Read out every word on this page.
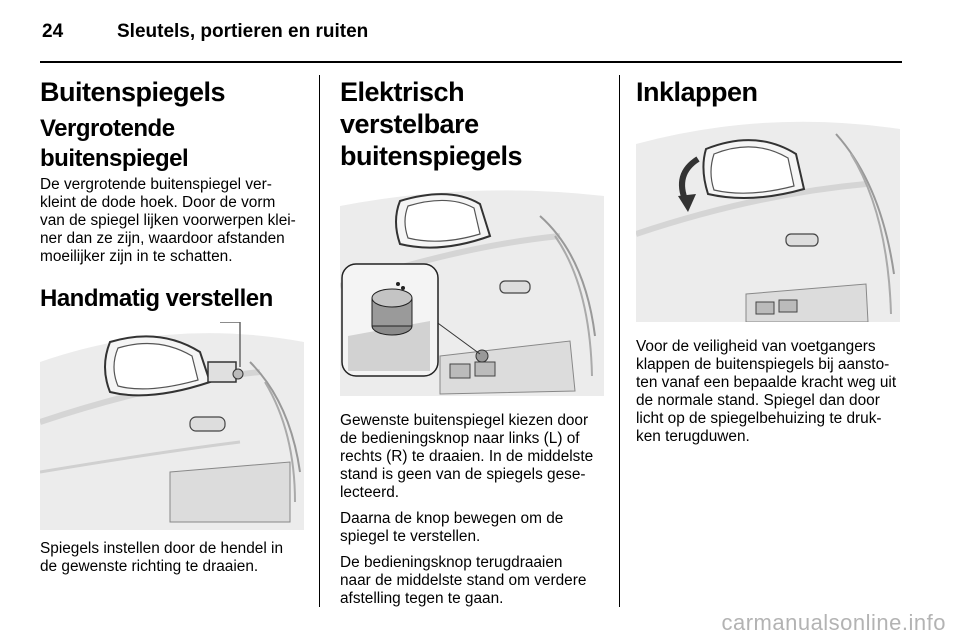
24	Sleutels, portieren en ruiten
Buitenspiegels
Vergrotende buitenspiegel

De vergrotende buitenspiegel ver-

kleint de dode hoek. Door de vorm

van de spiegel lijken voorwerpen klei-

ner dan ze zijn, waardoor afstanden

moeilijker zijn in te schatten.

Handmatig verstellen

Spiegels instellen door de hendel in

de gewenste richting te draaien.

Elektrisch verstelbare
buitenspiegels

Gewenste buitenspiegel kiezen door

de bedieningsknop naar links (L) of

rechts (R) te draaien. In de middelste

stand is geen van de spiegels gese-

lecteerd.

Daarna de knop bewegen om de

spiegel te verstellen.

De bedieningsknop terugdraaien

naar de middelste stand om verdere

afstelling tegen te gaan.

Inklappen

Voor de veiligheid van voetgangers

klappen de buitenspiegels bij aansto-

ten vanaf een bepaalde kracht weg uit

de normale stand. Spiegel dan door

licht op de spiegelbehuizing te druk-

ken terugduwen.

carmanualsonline.info
